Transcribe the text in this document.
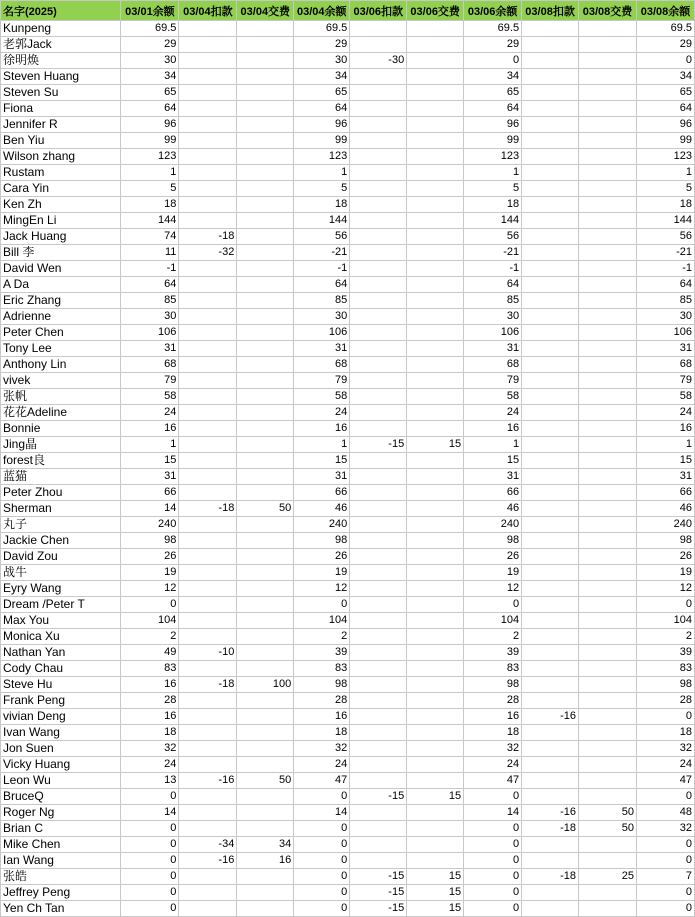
名字(2025)	03/01余额	03/04扣款	03/04交费	03/04余额	03/06扣款	03/06交费	03/06余额	03/08扣款	03/08交费	03/08余额
Kunpeng	69.5			69.5			69.5			69.5
老郭Jack	29			29			29			29
徐明焕	30			30	-30		0			0
Steven Huang	34			34			34			34
Steven Su	65			65			65			65
Fiona	64			64			64			64
Jennifer R	96			96			96			96
Ben Yiu	99			99			99			99
Wilson zhang	123			123			123			123
Rustam	1			1			1			1
Cara Yin	5			5			5			5
Ken Zh	18			18			18			18
MingEn Li	144			144			144			144
Jack Huang	74	-18		56			56			56
Bill 李	11	-32		-21			-21			-21
David Wen	-1			-1			-1			-1
A Da	64			64			64			64
Eric Zhang	85			85			85			85
Adrienne	30			30			30			30
Peter Chen	106			106			106			106
Tony Lee	31			31			31			31
Anthony Lin	68			68			68			68
vivek	79			79			79			79
张帆	58			58			58			58
花花Adeline	24			24			24			24
Bonnie	16			16			16			16
Jing晶	1			1	-15	15	1			1
forest良	15			15			15			15
蓝猫	31			31			31			31
Peter Zhou	66			66			66			66
Sherman	14	-18	50	46			46			46
丸子	240			240			240			240
Jackie Chen	98			98			98			98
David Zou	26			26			26			26
战牛	19			19			19			19
Eyry Wang	12			12			12			12
Dream /Peter T	0			0			0			0
Max You	104			104			104			104
Monica Xu	2			2			2			2
Nathan Yan	49	-10		39			39			39
Cody Chau	83			83			83			83
Steve Hu	16	-18	100	98			98			98
Frank Peng	28			28			28			28
vivian Deng	16			16			16	-16		0
Ivan Wang	18			18			18			18
Jon Suen	32			32			32			32
Vicky Huang	24			24			24			24
Leon Wu	13	-16	50	47			47			47
BruceQ	0			0	-15	15	0			0
Roger Ng	14			14			14	-16	50	48
Brian C	0			0			0	-18	50	32
Mike Chen	0	-34	34	0			0			0
Ian Wang	0	-16	16	0			0			0
张皓	0			0	-15	15	0	-18	25	7
Jeffrey Peng	0			0	-15	15	0			0
Yen Ch Tan	0			0	-15	15	0			0
